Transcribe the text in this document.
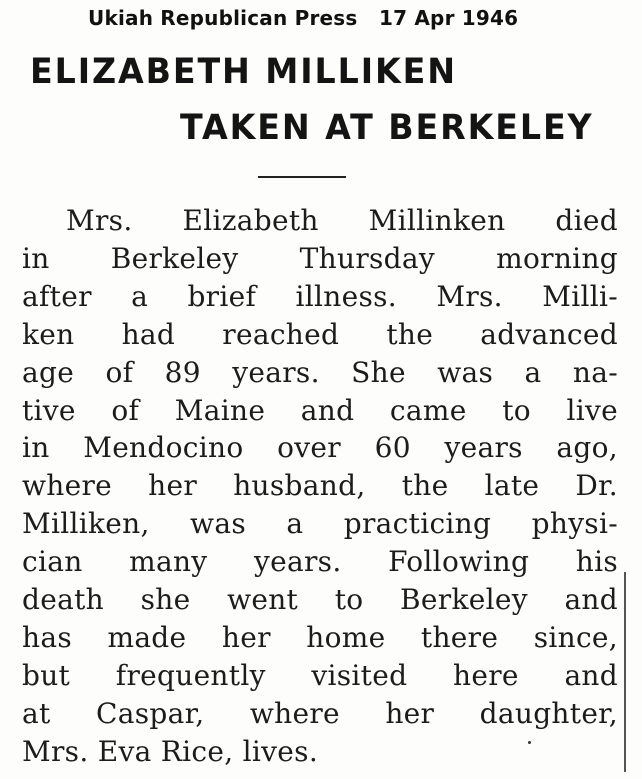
Ukiah Republican Press   17 Apr 1946
ELIZABETH MILLIKEN
TAKEN AT BERKELEY
Mrs. Elizabeth Millinken died
in Berkeley Thursday morning
after a brief illness. Mrs. Milli-
ken had reached the advanced
age of 89 years. She was a na-
tive of Maine and came to live
in Mendocino over 60 years ago,
where her husband, the late Dr.
Milliken, was a practicing physi-
cian many years. Following his
death she went to Berkeley and
has made her home there since,
but frequently visited here and
at Caspar, where her daughter,
Mrs. Eva Rice, lives.
